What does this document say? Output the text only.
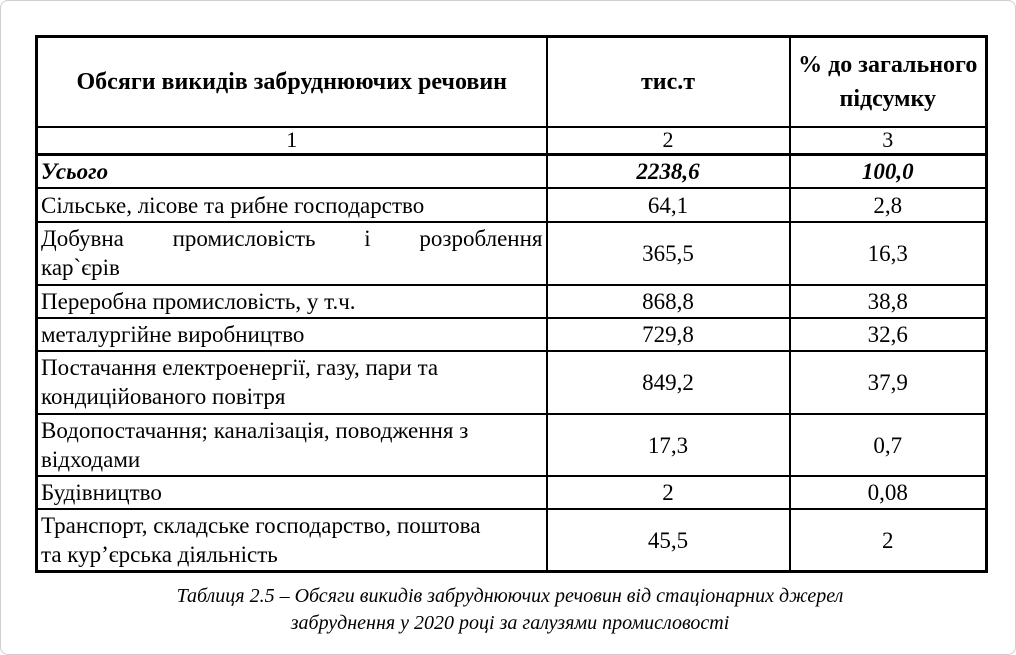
Обсяги викидів забруднюючих речовин	тис.т	% до загального підсумку
1	2	3

Усього	2238,6	100,0

Сільське, лісове та рибне господарство	64,1	2,8

Добувна промисловість і розроблення
кар`єрів	365,5	16,3

Переробна промисловість, у т.ч.	868,8	38,8

металургійне виробництво	729,8	32,6

Постачання електроенергії, газу, пари та
кондиційованого повітря	849,2	37,9

Водопостачання; каналізація, поводження з
відходами	17,3	0,7

Будівництво	2	0,08

Транспорт, складське господарство, поштова
та кур’єрська діяльність	45,5	2
Таблиця 2.5 – Обсяги викидів забруднюючих речовин від стаціонарних джерел
забруднення у 2020 році за галузями промисловості
